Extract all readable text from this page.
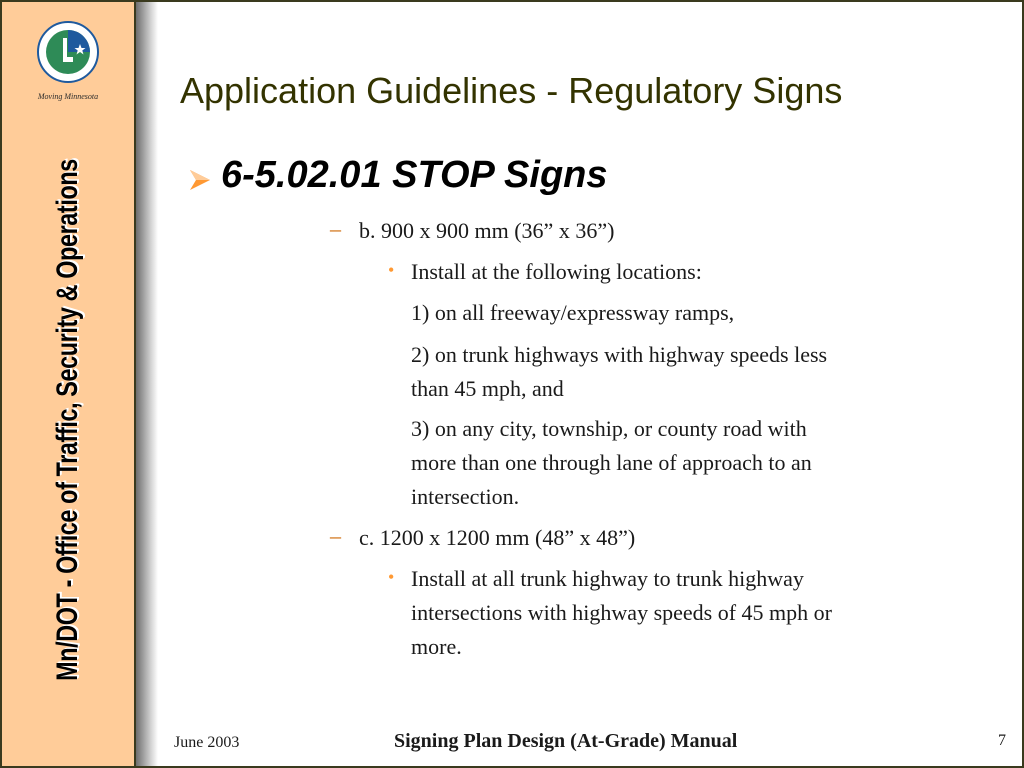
Moving Minnesota
Mn/DOT - Office of Traffic, Security & Operations
Application Guidelines - Regulatory Signs
6-5.02.01 STOP Signs
– b. 900 x 900 mm (36” x 36”)
• Install at the following locations:
1) on all freeway/expressway ramps,
2) on trunk highways with highway speeds less
than 45 mph, and
3) on any city, township, or county road with
more than one through lane of approach to an
intersection.
– c. 1200 x 1200 mm (48” x 48”)
• Install at all trunk highway to trunk highway
intersections with highway speeds of 45 mph or
more.
June 2003	Signing Plan Design (At-Grade) Manual	7
